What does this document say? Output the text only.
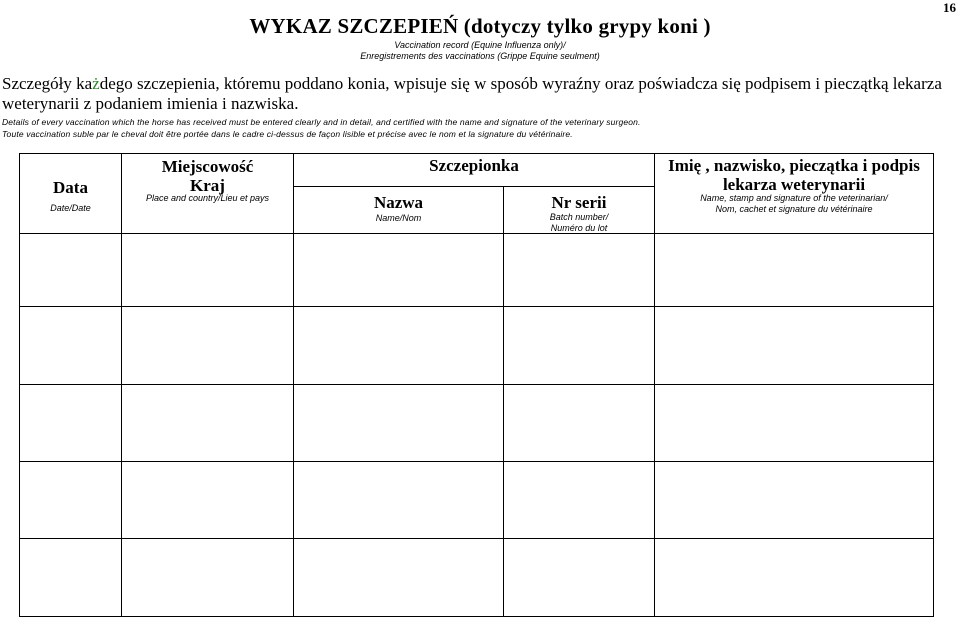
16
WYKAZ SZCZEPIEŃ (dotyczy tylko grypy koni )
Vaccination record (Equine Influenza only)/
Enregistrements des vaccinations (Grippe Equine seulment)
Szczegóły każdego szczepienia, któremu poddano konia, wpisuje się w sposób wyraźny oraz poświadcza się podpisem i pieczątką lekarza weterynarii z podaniem imienia i nazwiska.
Details of every vaccination which the horse has received must be entered clearly and in detail, and certified with the name and signature of the veterinary surgeon.
Toute vaccination suble par le cheval doit être portée dans le cadre ci-dessus de façon lisible et précise avec le nom et la signature du vétérinaire.
Data
Date/Date
Miejscowość
Kraj
Place and country/Lieu et pays
Szczepionka
Nazwa
Name/Nom
Nr serii
Batch number/
Numéro du lot
Imię , nazwisko, pieczątka i podpis
lekarza weterynarii
Name, stamp and signature of the veterinarian/
Nom, cachet et signature du vétérinaire
